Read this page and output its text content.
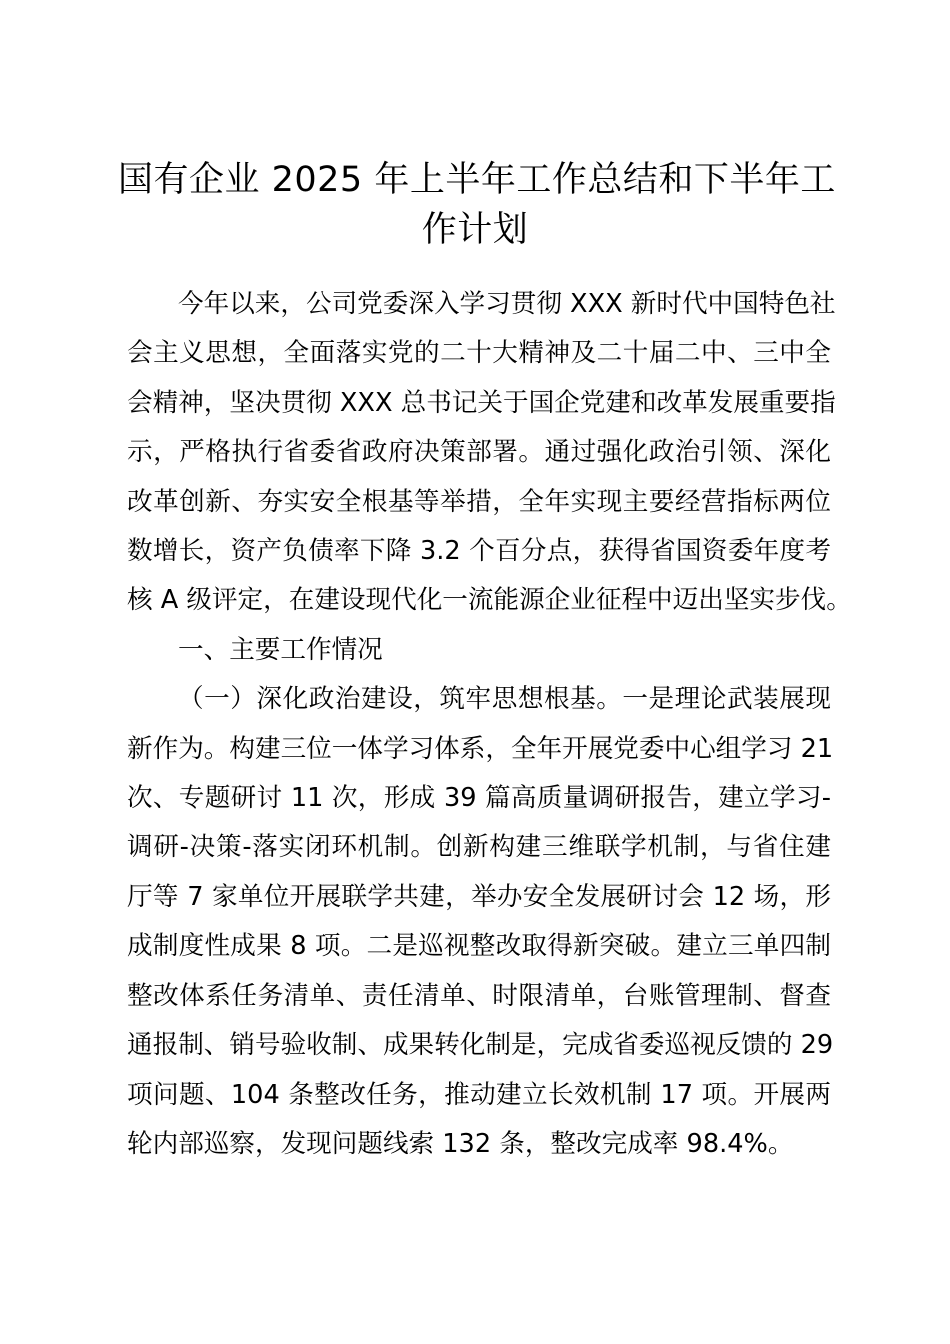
国有企业 2025 年上半年工作总结和下半年工
作计划

今年以来，公司党委深入学习贯彻 XXX 新时代中国特色社

会主义思想，全面落实党的二十大精神及二十届二中、三中全

会精神，坚决贯彻 XXX 总书记关于国企党建和改革发展重要指

示，严格执行省委省政府决策部署。通过强化政治引领、深化

改革创新、夯实安全根基等举措，全年实现主要经营指标两位

数增长，资产负债率下降 3.2 个百分点，获得省国资委年度考

核 A 级评定，在建设现代化一流能源企业征程中迈出坚实步伐。

一、主要工作情况

（一）深化政治建设，筑牢思想根基。一是理论武装展现

新作为。构建三位一体学习体系，全年开展党委中心组学习 21

次、专题研讨 11 次，形成 39 篇高质量调研报告，建立学习-

调研-决策-落实闭环机制。创新构建三维联学机制，与省住建

厅等 7 家单位开展联学共建，举办安全发展研讨会 12 场，形

成制度性成果 8 项。二是巡视整改取得新突破。建立三单四制

整改体系任务清单、责任清单、时限清单，台账管理制、督查

通报制、销号验收制、成果转化制是，完成省委巡视反馈的 29

项问题、104 条整改任务，推动建立长效机制 17 项。开展两

轮内部巡察，发现问题线索 132 条，整改完成率 98.4%。
